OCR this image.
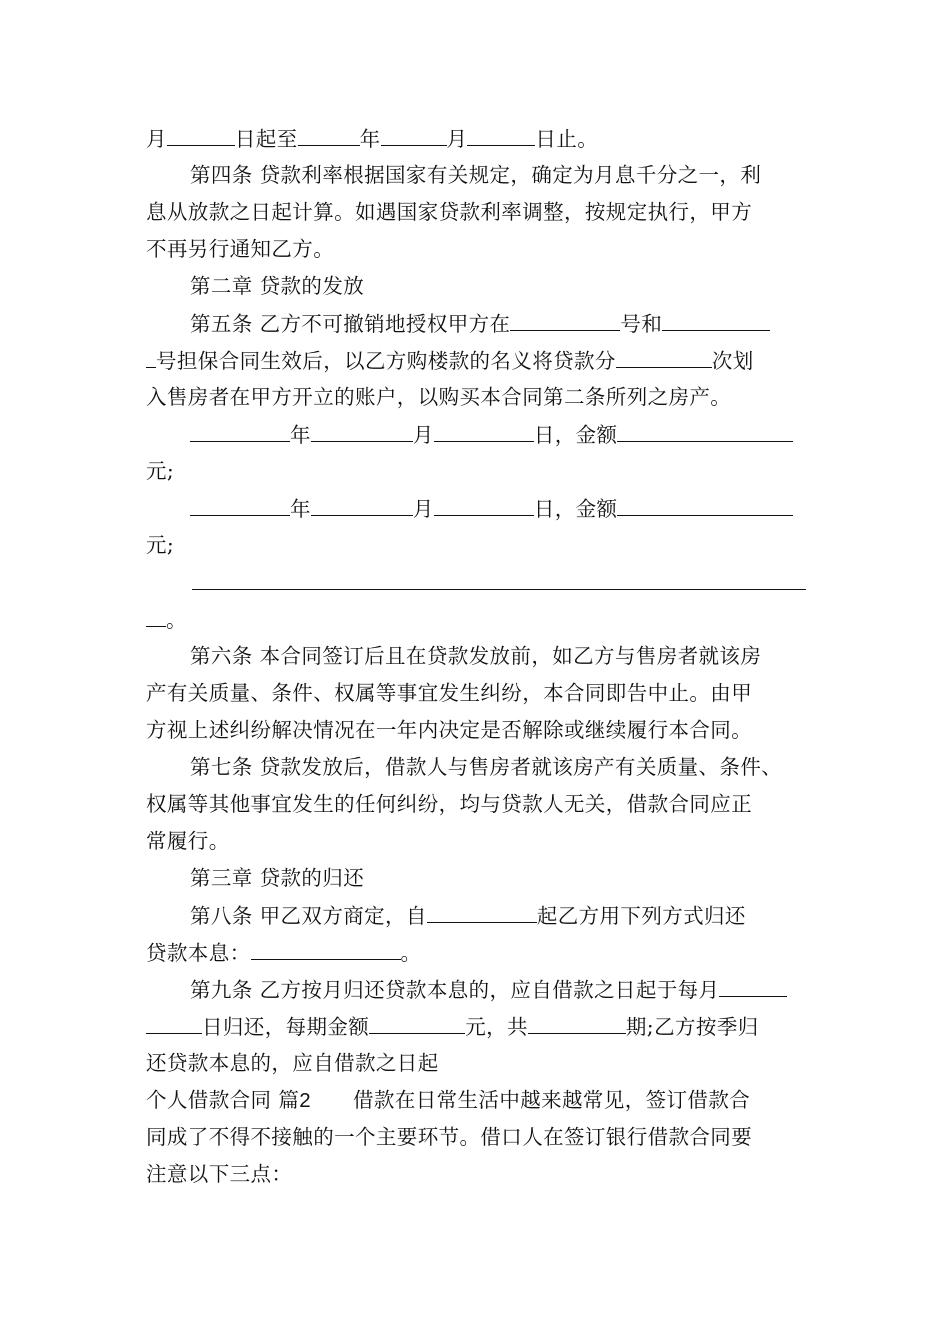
月	日起至	年	月	日止。
第四条 贷款利率根据国家有关规定，确定为月息千分之一，利
息从放款之日起计算。如遇国家贷款利率调整，按规定执行，甲方
不再另行通知乙方。
第二章 贷款的发放
第五条 乙方不可撤销地授权甲方在	号和
号担保合同生效后，以乙方购楼款的名义将贷款分	次划
入售房者在甲方开立的账户，以购买本合同第二条所列之房产。
年	月	日，金额
元;
年	月	日，金额
元;
。
第六条 本合同签订后且在贷款发放前，如乙方与售房者就该房
产有关质量、条件、权属等事宜发生纠纷，本合同即告中止。由甲
方视上述纠纷解决情况在一年内决定是否解除或继续履行本合同。
第七条 贷款发放后，借款人与售房者就该房产有关质量、条件、
权属等其他事宜发生的任何纠纷，均与贷款人无关，借款合同应正
常履行。
第三章 贷款的归还
第八条 甲乙双方商定，自	起乙方用下列方式归还
贷款本息：	。
第九条 乙方按月归还贷款本息的，应自借款之日起于每月
日归还，每期金额	元，共	期;乙方按季归
还贷款本息的，应自借款之日起
个人借款合同 篇2 借款在日常生活中越来越常见，签订借款合
同成了不得不接触的一个主要环节。借口人在签订银行借款合同要
注意以下三点：
